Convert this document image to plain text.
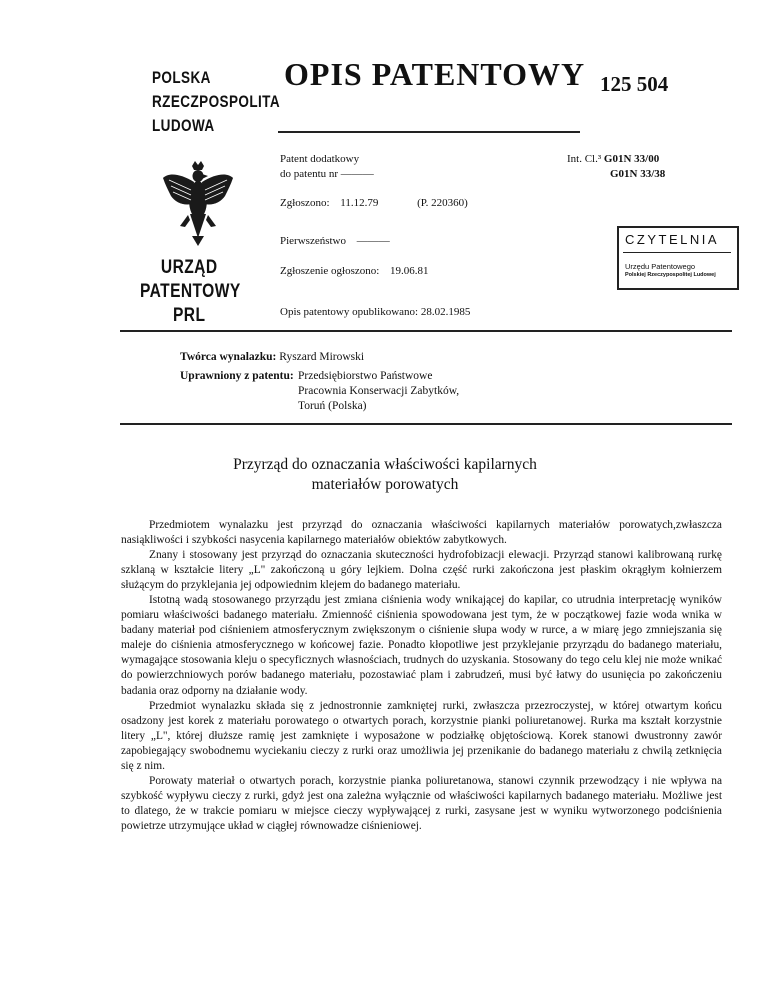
POLSKA
RZECZPOSPOLITA
LUDOWA
OPIS PATENTOWY 125 504
Patent dodatkowy
do patentu nr ———
Int. Cl.³ G01N 33/00
G01N 33/38
Zgłoszono: 11.12.79	(P. 220360)
Pierwszeństwo ———
Zgłoszenie ogłoszono: 19.06.81
Opis patentowy opublikowano: 28.02.1985
URZĄD
PATENTOWY
PRL
CZYTELNIA
Urzędu Patentowego
Polskiej Rzeczypospolitej Ludowej
Twórca wynalazku: Ryszard Mirowski
Uprawniony z patentu: Przedsiębiorstwo Państwowe
Pracownia Konserwacji Zabytków,
Toruń (Polska)
Przyrząd do oznaczania właściwości kapilarnych
materiałów porowatych

Przedmiotem wynalazku jest przyrząd do oznaczania właściwości kapilarnych materiałów porowatych,zwłaszcza nasiąkliwości i szybkości nasycenia kapilarnego materiałów obiektów zabytkowych.

Znany i stosowany jest przyrząd do oznaczania skuteczności hydrofobizacji elewacji. Przyrząd stanowi kalibrowaną rurkę szklaną w kształcie litery „L" zakończoną u góry lejkiem. Dolna część rurki zakończona jest płaskim okrągłym kołnierzem służącym do przyklejania jej odpowiednim klejem do badanego materiału.

Istotną wadą stosowanego przyrządu jest zmiana ciśnienia wody wnikającej do kapilar, co utrudnia interpretację wyników pomiaru właściwości badanego materiału. Zmienność ciśnienia spowodowana jest tym, że w początkowej fazie woda wnika w badany materiał pod ciśnieniem atmosferycznym zwiększonym o ciśnienie słupa wody w rurce, a w miarę jego zmniejszania się maleje do ciśnienia atmosferycznego w końcowej fazie. Ponadto kłopotliwe jest przyklejanie przyrządu do badanego materiału, wymagające stosowania kleju o specyficznych własnościach, trudnych do uzyskania. Stosowany do tego celu klej nie może wnikać do powierzchniowych porów badanego materiału, pozostawiać plam i zabrudzeń, musi być łatwy do usunięcia po zakończeniu badania oraz odporny na działanie wody.

Przedmiot wynalazku składa się z jednostronnie zamkniętej rurki, zwłaszcza przezroczystej, w której otwartym końcu osadzony jest korek z materiału porowatego o otwartych porach, korzystnie pianki poliuretanowej. Rurka ma kształt korzystnie litery „L", której dłuższe ramię jest zamknięte i wyposażone w podziałkę objętościową. Korek stanowi dwustronny zawór zapobiegający swobodnemu wyciekaniu cieczy z rurki oraz umożliwia jej przenikanie do badanego materiału z chwilą zetknięcia się z nim.

Porowaty materiał o otwartych porach, korzystnie pianka poliuretanowa, stanowi czynnik przewodzący i nie wpływa na szybkość wypływu cieczy z rurki, gdyż jest ona zależna wyłącznie od właściwości kapilarnych badanego materiału. Możliwe jest to dlatego, że w trakcie pomiaru w miejsce cieczy wypływającej z rurki, zasysane jest w wyniku wytworzonego podciśnienia powietrze utrzymujące układ w ciągłej równowadze ciśnieniowej.
